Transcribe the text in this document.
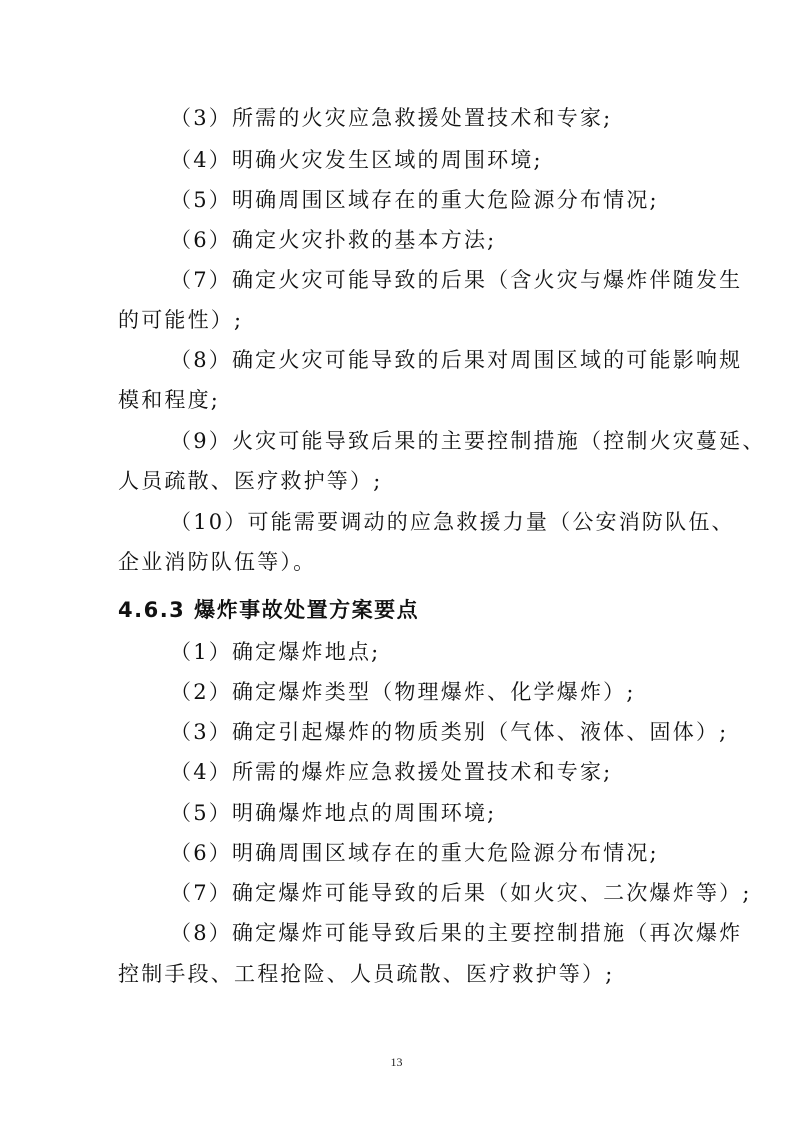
（3）所需的火灾应急救援处置技术和专家;
（4）明确火灾发生区域的周围环境;
（5）明确周围区域存在的重大危险源分布情况;
（6）确定火灾扑救的基本方法;
（7）确定火灾可能导致的后果（含火灾与爆炸伴随发生
的可能性）;
（8）确定火灾可能导致的后果对周围区域的可能影响规
模和程度;
（9）火灾可能导致后果的主要控制措施（控制火灾蔓延、
人员疏散、医疗救护等）;
（10）可能需要调动的应急救援力量（公安消防队伍、
企业消防队伍等）。
4.6.3 爆炸事故处置方案要点
（1）确定爆炸地点;
（2）确定爆炸类型（物理爆炸、化学爆炸）;
（3）确定引起爆炸的物质类别（气体、液体、固体）;
（4）所需的爆炸应急救援处置技术和专家;
（5）明确爆炸地点的周围环境;
（6）明确周围区域存在的重大危险源分布情况;
（7）确定爆炸可能导致的后果（如火灾、二次爆炸等）;
（8）确定爆炸可能导致后果的主要控制措施（再次爆炸
控制手段、工程抢险、人员疏散、医疗救护等）;
13
